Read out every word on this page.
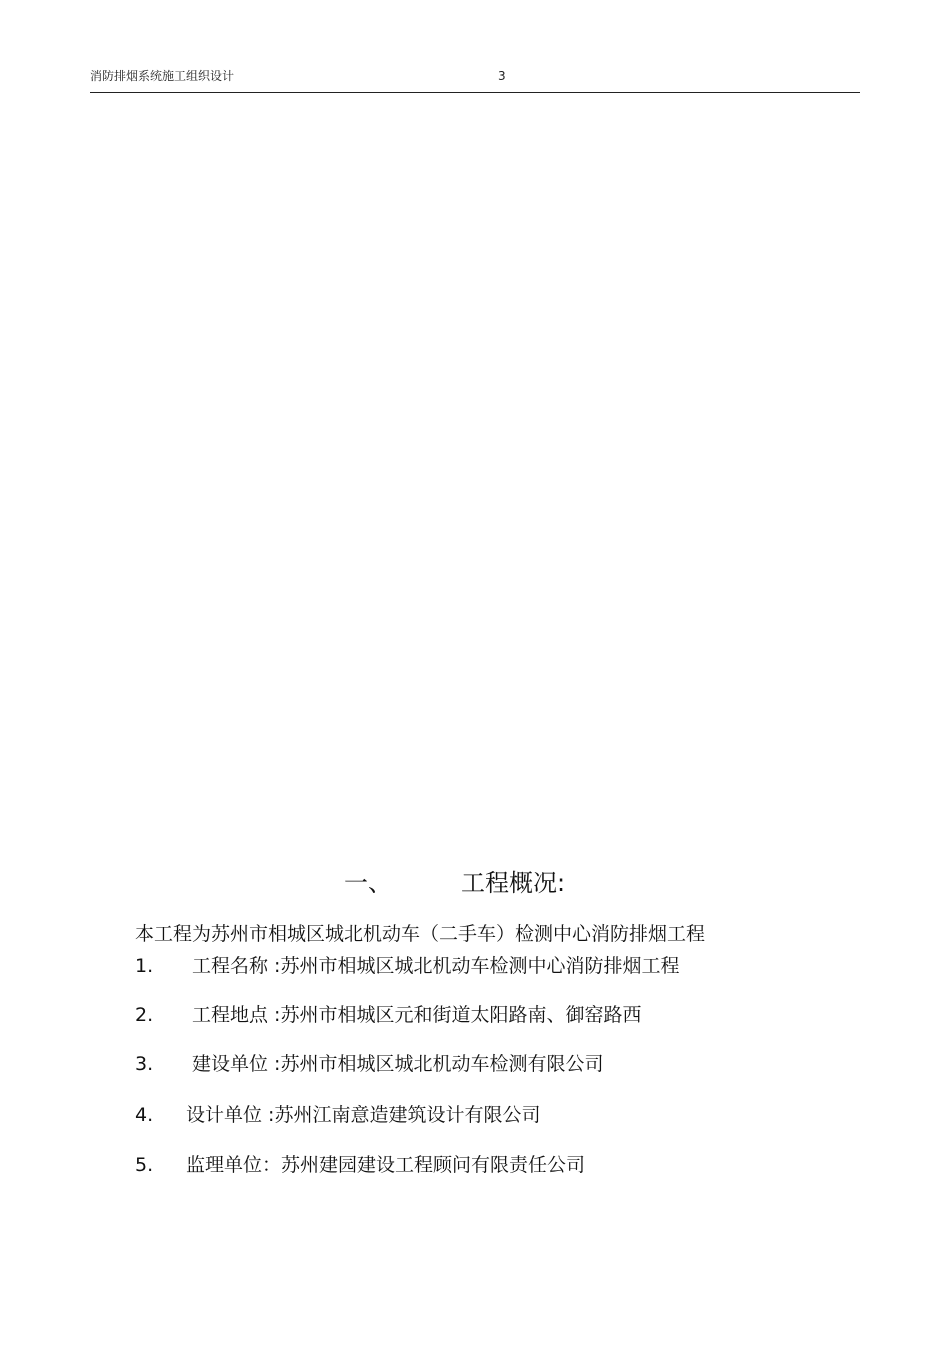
消防排烟系统施工组织设计	3
一、	工程概况:

本工程为苏州市相城区城北机动车（二手车）检测中心消防排烟工程

1. 工程名称 :苏州市相城区城北机动车检测中心消防排烟工程
2. 工程地点 :苏州市相城区元和街道太阳路南、御窑路西
3. 建设单位 :苏州市相城区城北机动车检测有限公司
4. 设计单位 :苏州江南意造建筑设计有限公司
5. 监理单位：苏州建园建设工程顾问有限责任公司
